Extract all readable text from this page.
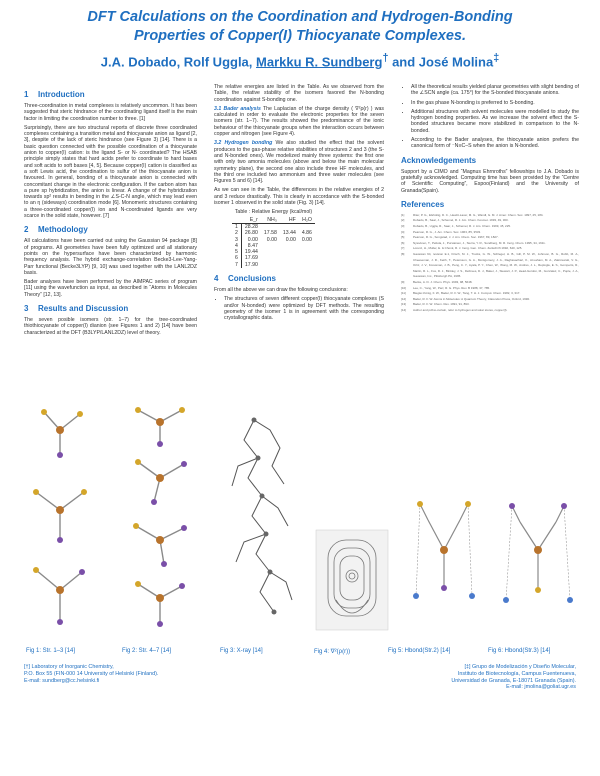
DFT Calculations on the Coordination and Hydrogen-Bonding
Properties of Copper(I) Thiocyanate Complexes.
J.A. Dobado, Rolf Uggla, Markku R. Sundberg† and José Molina‡
1 Introduction

Three-coordination in metal complexes is relatively uncommon. It has been suggested that steric hindrance of the coordinating ligand itself is the main factor in limiting the coordination number to three. [1]

Surprisingly, there are two structural reports of discrete three coordinated complexes containing a transition metal and thiocyanate anion as ligand [2, 3], despite of the lack of steric hindrance (see Figure 3) [14]. There is a basic question connected with the possible coordination of a thiocyanate anion to copper(I) cation: is the ligand S- or N- coordinated? The HSAB principle simply states that hard acids prefer to coordinate to hard bases and soft acids to soft bases [4, 5]. Because copper(I) cation is classified as a soft Lewis acid, the coordination to sulfur of the thiocyanate anion is favoured. In general, bonding of a thiocyanate anion is connected with concomitant change in the electronic configuration. If the carbon atom has a pure sp hybridization, the anion is linear. A change of the hybridization towards sp² results in bending in the ∠S-C-N angle, which may lead even to an η (sideways) coordination mode [6]. Monomeric structures containing a three-coordinated copper(I) ion and N-coordinated ligands are very scarce in the solid state, however. [7]

2 Methodology

All calculations have been carried out using the Gaussian 94 package [8] of programs. All geometries have been fully optimized and all stationary points on the hypersurface have been characterized by harmonic frequency analysis. The hybrid exchange-correlation Becke3-Lee-Yang-Parr functional (Becke3LYP) [9, 10] was used together with the LANL2DZ basis.

Bader analyses have been performed by the AIMPAC series of program [11] using the wavefunction as input, as described in “Atoms in Molecules Theory” [12, 13].

3 Results and Discussion

The seven posible isomers (str. 1–7) for the tree-coordinated thiothiocyanate of copper(I) dianion (see Figures 1 and 2) [14] have been characterized at the DFT (B3LYP/LANL2DZ) level of theory.

The relative energies are listed in the Table. As we observed from the Table, the relative stability of the isomers favored the N-bonding coordination against S-bonding one.

3.1 Bader analysis The Laplacian of the charge density ( ∇²ρ(r) ) was calculated in order to evaluate the electronic properties for the seven isomers (str. 1–7). The results showed the predominance of the ionic behaviour of the thiocyanate groups when the interaction occurs between copper and nitrogen (see Figure 4).

3.2 Hydrogen bonding We also studied the effect that the solvent produces to the gas-phase relative stabilities of structures 2 and 3 (the S- and N-bonded ones). We modelized mainly three systems: the first one with only two amonia molecules (above and below the main molecular symmetry plane), the second one also include three HF molecules, and the third one included two ammonium and three water molecules (see Figures 5 and 6) [14].

As we can see in the Table, the differences in the relative energies of 2 and 3 reduce drastically. This is clearly in accordance with the S-bonded isomer 1 observed in the solid state (Fig. 3) [14].

Table : Relative Energy (kcal/mol)
	E_r	NH₃	HF	H₂O
1	28.28			
2	26.80	17.58	13.44	4.86
3	0.00	0.00	0.00	0.00
4	8.47			
5	19.44			
6	17.69			
7	17.90			
4 Conclusions

From all the above we can draw the following conclusions:

• The structures of seven different copper(I) thiocyanate complexes (S and/or N-bonded) were optimized by DFT methods. The resulting geometry of the isomer 1 is in agreement with the corresponding crystallographic data.
• All the theoretical results yielded planar geometries with slight bending of the ∠SCN angle (ca. 175°) for the S-bonded thiocyanate anions.
• In the gas phase N-bonding is preferred to S-bonding.
• Additional structures with solvent molecules were modelled to study the hydrogen bonding properties. As we increase the solvent effect the S-bonded structures became more stabilized in comparison to the N-bonded.
• According to the Bader analyses, the thiocyanate anion prefers the canonical form of ⁻N≡C–S when the anion is N-bonded.
Acknowledgements

Support by a CIMO and “Magnus Ehrnroths” fellowships to J.A. Dobado is gratefully acknowledged. Computing time has been provided by the “Centre of Scientific Computing”, Espoo(Finland) and the University of Granada(Spain).

References
[1]	Riter, P. G., Elsholtig, D. C., Hewitt-Laver, M. G., Wandl, G. M. J. Amer. Chem. Soc. 1997, 25, 184.
[2]	Dobado, B., Saar, J., Schemel, R. J. Am. Chem. Kosmet. 1993, 49, 300.
[3]	Dobado, B., Uggla, R., Saar, J., Schemel, R. J. Am. Chem. 1999, 45, 225.
[4]	Pearson, R. G., J. Am. Chem. Soc. 1963, 85, 3533.
[5]	Pearson, R. G., Songstad, J. J. Am. Chem. Soc. 1967, 89, 1827.
[6]	Nyssönen, T., Peltola, J., Pursiainen, J., Sierra, Y. R., Sundberg, M. R. Inorg. Chem. 1995, 34, 1611.
[7]	Lorenz, H., Muller, E. & Chonk, R. J. Inorg. Gen. Chem. Zeitschrift 1992, 640, 125.
[8]	Gaussian 94, revision E.1, Frisch, M. J., Trucks, G. W., Schlegel, H. B., Gill, P. M. W., Johnson, B. G., Robb, M. A., Cheeseman, J. R., Keith, T., Petersson, G. A., Montgomery, J. A., Raghavachari, K., Al-Laham, M. A., Zakrzewski, V. G., Ortiz, J. V., Foresman, J. B., Peng, C. Y., Ayala, P. Y., Chen, W., Wong, M. W., Andres, J. L., Replogle, E. S., Gomperts, R., Martin, R. L., Fox, D. J., Binkley, J. S., DeFrees, D. J., Baker, J., Stewart, J. P., Head-Gordon, M., Gonzalez, C., Pople, J. A., Gaussian, Inc., Pittsburgh PA, 1995.
[9]	Becke, A. D. J. Chem. Phys. 1993, 98, 5648.
[10]	Lee, C., Yang, W., Parr, R. G. Phys. Rev. B 1988, 37, 785.
[11]	Biegler-König, F. W., Bader, R. F. W., Tang, T. H. J. Comput. Chem. 1982, 3, 317.
[12]	Bader, R. F. W. Atoms in Molecules: A Quantum Theory, Clarendon Press, Oxford, 1990.
[13]	Bader, R. F. W. Chem. Rev. 1991, 91, 893.
[14]	Author and pdf-to-curtain, refer to hydrogen and solar stores, copper(I).
Fig 1: Str. 1–3 [14]	Fig 2: Str. 4–7 [14]	Fig 3: X-ray [14]	Fig 4: ∇²(ρ(r))	Fig 5: Hbond(Str.2) [14]	Fig 6: Hbond(Str.3) [14]
[†] Laboratory of Inorganic Chemistry,
P.O. Box 55 (FIN-000 14 University of Helsinki (Finland).
E-mail: sundberg@cc.helsinki.fi
[‡] Grupo de Modelización y Diseño Molecular,
Instituto de Biotecnología, Campus Fuentenueva,
Universidad de Granada, E-18071 Granada (Spain).
E-mail: jmolina@goliat.ugr.es
